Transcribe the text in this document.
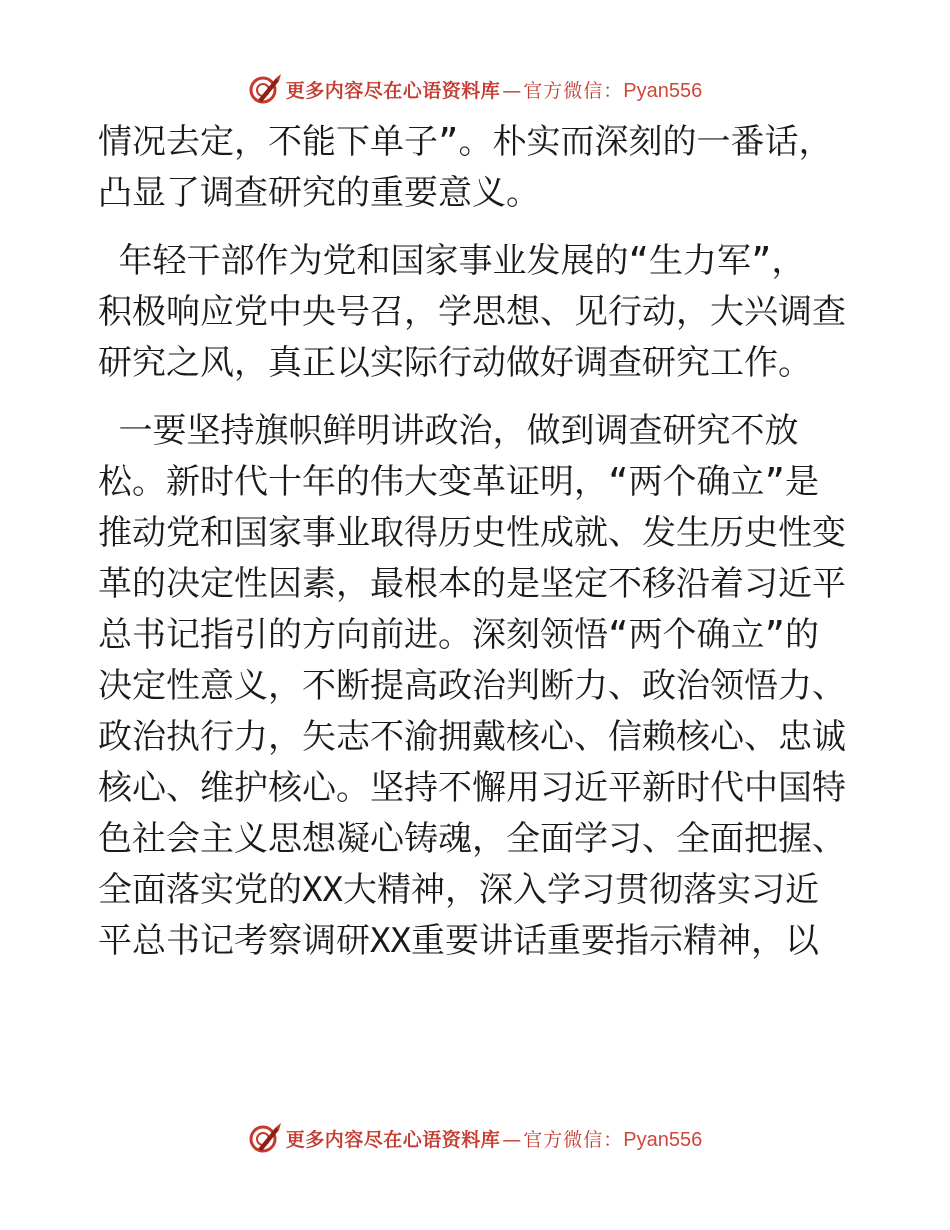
更多内容尽在心语资料库 — 官方微信： Pyan556
情况去定，不能下单子”。朴实而深刻的一番话，
凸显了调查研究的重要意义。
年轻干部作为党和国家事业发展的“生力军”，
积极响应党中央号召，学思想、见行动，大兴调查
研究之风，真正以实际行动做好调查研究工作。
一要坚持旗帜鲜明讲政治，做到调查研究不放
松。新时代十年的伟大变革证明，“两个确立”是
推动党和国家事业取得历史性成就、发生历史性变
革的决定性因素，最根本的是坚定不移沿着习近平
总书记指引的方向前进。深刻领悟“两个确立”的
决定性意义，不断提高政治判断力、政治领悟力、
政治执行力，矢志不渝拥戴核心、信赖核心、忠诚
核心、维护核心。坚持不懈用习近平新时代中国特
色社会主义思想凝心铸魂，全面学习、全面把握、
全面落实党的XX大精神，深入学习贯彻落实习近
平总书记考察调研XX重要讲话重要指示精神，以
更多内容尽在心语资料库 — 官方微信： Pyan556
